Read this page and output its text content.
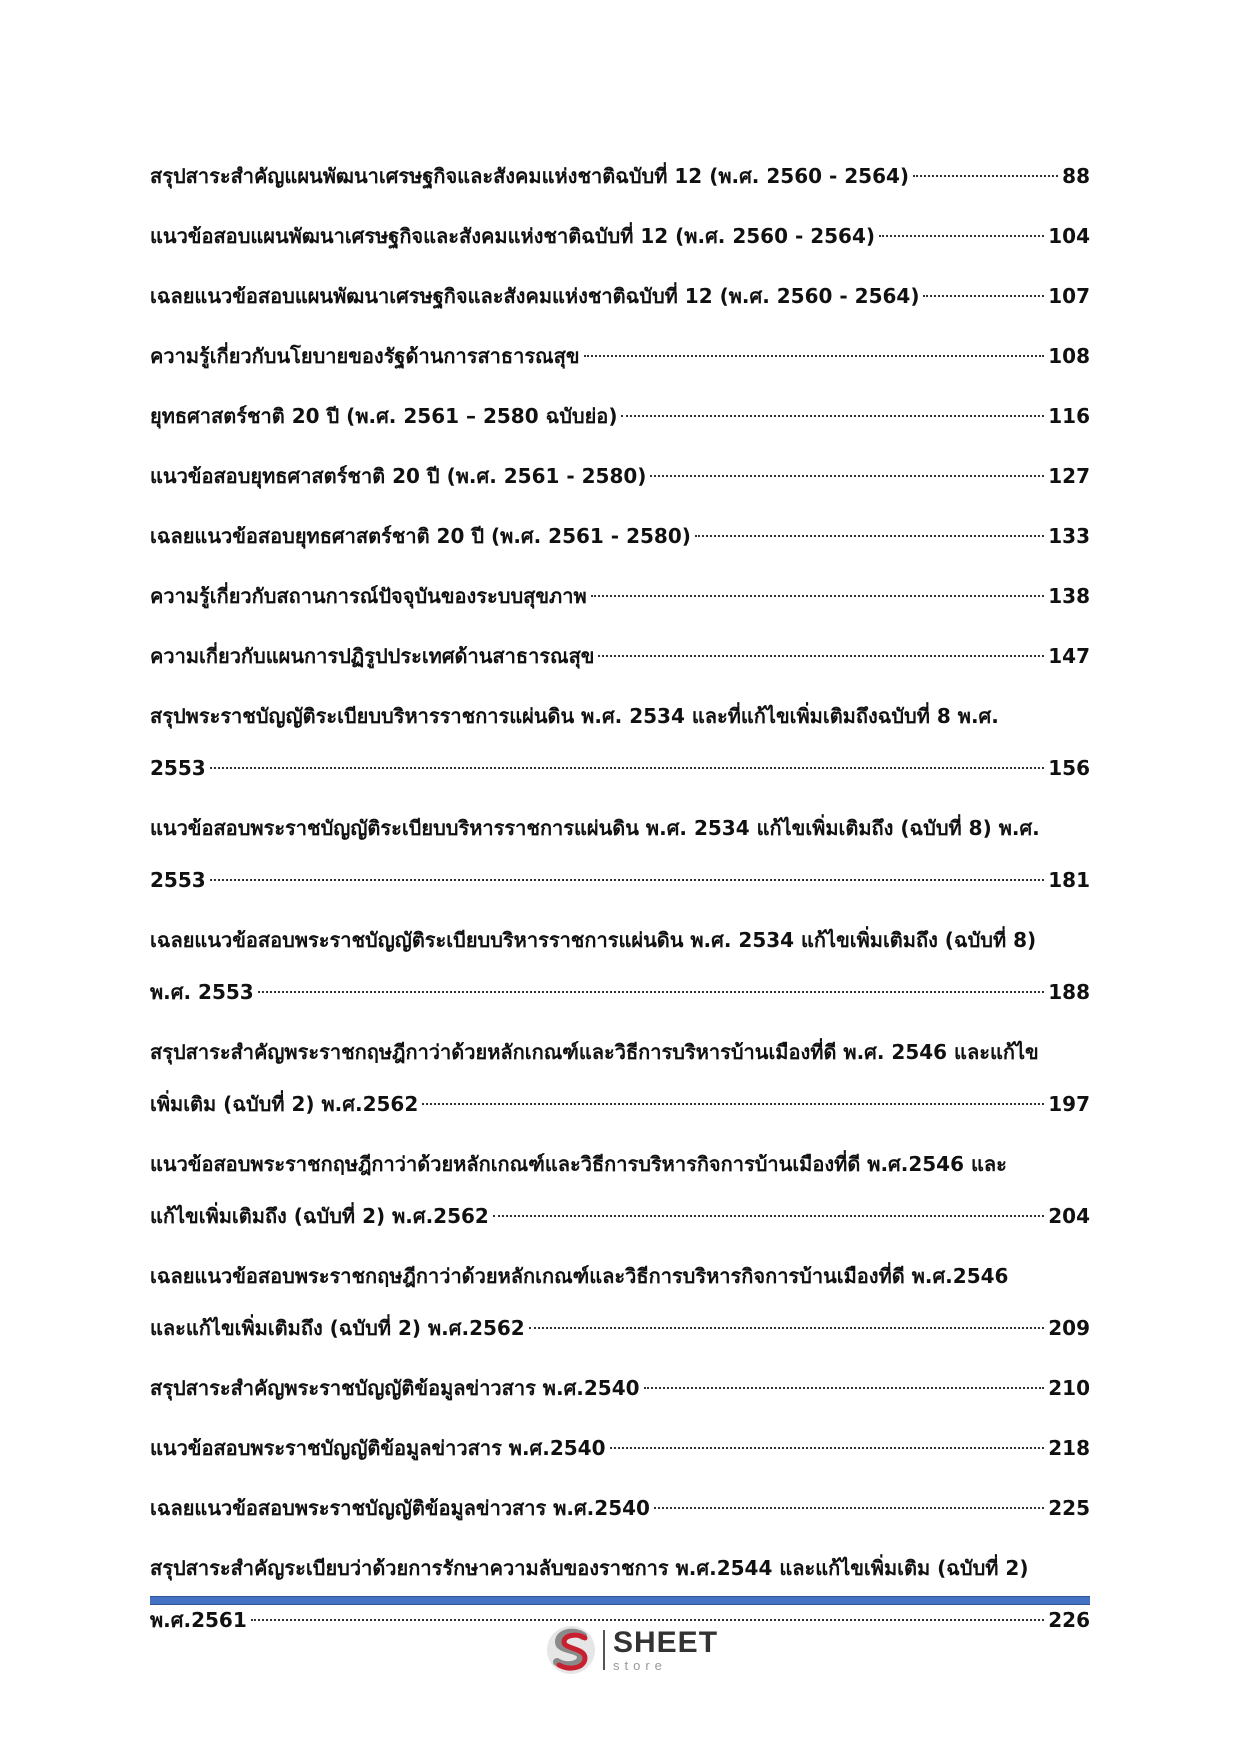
สรุปสาระสำคัญแผนพัฒนาเศรษฐกิจและสังคมแห่งชาติฉบับที่ 12 (พ.ศ. 2560 - 2564)	88
แนวข้อสอบแผนพัฒนาเศรษฐกิจและสังคมแห่งชาติฉบับที่ 12 (พ.ศ. 2560 - 2564)	104
เฉลยแนวข้อสอบแผนพัฒนาเศรษฐกิจและสังคมแห่งชาติฉบับที่ 12 (พ.ศ. 2560 - 2564)	107
ความรู้เกี่ยวกับนโยบายของรัฐด้านการสาธารณสุข	108
ยุทธศาสตร์ชาติ 20 ปี (พ.ศ. 2561 – 2580 ฉบับย่อ)	116
แนวข้อสอบยุทธศาสตร์ชาติ 20 ปี (พ.ศ. 2561 - 2580)	127
เฉลยแนวข้อสอบยุทธศาสตร์ชาติ 20 ปี (พ.ศ. 2561 - 2580)	133
ความรู้เกี่ยวกับสถานการณ์ปัจจุบันของระบบสุขภาพ	138
ความเกี่ยวกับแผนการปฏิรูปประเทศด้านสาธารณสุข	147
สรุปพระราชบัญญัติระเบียบบริหารราชการแผ่นดิน พ.ศ. 2534 และที่แก้ไขเพิ่มเติมถึงฉบับที่ 8 พ.ศ.
2553	156
แนวข้อสอบพระราชบัญญัติระเบียบบริหารราชการแผ่นดิน พ.ศ. 2534 แก้ไขเพิ่มเติมถึง (ฉบับที่ 8) พ.ศ.
2553	181
เฉลยแนวข้อสอบพระราชบัญญัติระเบียบบริหารราชการแผ่นดิน พ.ศ. 2534 แก้ไขเพิ่มเติมถึง (ฉบับที่ 8)
พ.ศ. 2553	188
สรุปสาระสำคัญพระราชกฤษฎีกาว่าด้วยหลักเกณฑ์และวิธีการบริหารบ้านเมืองที่ดี พ.ศ. 2546 และแก้ไข
เพิ่มเติม (ฉบับที่ 2) พ.ศ.2562	197
แนวข้อสอบพระราชกฤษฎีกาว่าด้วยหลักเกณฑ์และวิธีการบริหารกิจการบ้านเมืองที่ดี พ.ศ.2546 และ
แก้ไขเพิ่มเติมถึง (ฉบับที่ 2) พ.ศ.2562	204
เฉลยแนวข้อสอบพระราชกฤษฎีกาว่าด้วยหลักเกณฑ์และวิธีการบริหารกิจการบ้านเมืองที่ดี พ.ศ.2546
และแก้ไขเพิ่มเติมถึง (ฉบับที่ 2) พ.ศ.2562	209
สรุปสาระสำคัญพระราชบัญญัติข้อมูลข่าวสาร พ.ศ.2540	210
แนวข้อสอบพระราชบัญญัติข้อมูลข่าวสาร พ.ศ.2540	218
เฉลยแนวข้อสอบพระราชบัญญัติข้อมูลข่าวสาร พ.ศ.2540	225
สรุปสาระสำคัญระเบียบว่าด้วยการรักษาความลับของราชการ พ.ศ.2544 และแก้ไขเพิ่มเติม (ฉบับที่ 2)
พ.ศ.2561	226
SHEET
store
